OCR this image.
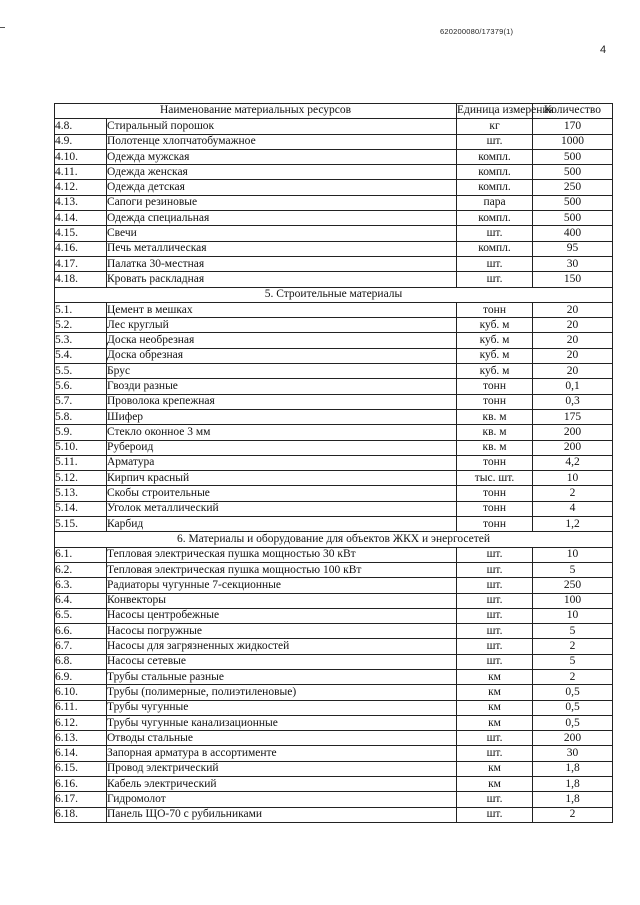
620200080/17379(1)
4
Наименование материальных ресурсов		Единица измерения	Количество
4.8.	Стиральный порошок	кг	170
4.9.	Полотенце хлопчатобумажное	шт.	1000
4.10.	Одежда мужская	компл.	500
4.11.	Одежда женская	компл.	500
4.12.	Одежда детская	компл.	250
4.13.	Сапоги резиновые	пара	500
4.14.	Одежда специальная	компл.	500
4.15.	Свечи	шт.	400
4.16.	Печь металлическая	компл.	95
4.17.	Палатка 30-местная	шт.	30
4.18.	Кровать раскладная	шт.	150
5. Строительные материалы			
5.1.	Цемент в мешках	тонн	20
5.2.	Лес круглый	куб. м	20
5.3.	Доска необрезная	куб. м	20
5.4.	Доска обрезная	куб. м	20
5.5.	Брус	куб. м	20
5.6.	Гвозди разные	тонн	0,1
5.7.	Проволока крепежная	тонн	0,3
5.8.	Шифер	кв. м	175
5.9.	Стекло оконное 3 мм	кв. м	200
5.10.	Рубероид	кв. м	200
5.11.	Арматура	тонн	4,2
5.12.	Кирпич красный	тыс. шт.	10
5.13.	Скобы строительные	тонн	2
5.14.	Уголок металлический	тонн	4
5.15.	Карбид	тонн	1,2
6. Материалы и оборудование для объектов ЖКХ и энергосетей			
6.1.	Тепловая электрическая пушка мощностью 30 кВт	шт.	10
6.2.	Тепловая электрическая пушка мощностью 100 кВт	шт.	5
6.3.	Радиаторы чугунные 7-секционные	шт.	250
6.4.	Конвекторы	шт.	100
6.5.	Насосы центробежные	шт.	10
6.6.	Насосы погружные	шт.	5
6.7.	Насосы для загрязненных жидкостей	шт.	2
6.8.	Насосы сетевые	шт.	5
6.9.	Трубы стальные разные	км	2
6.10.	Трубы (полимерные, полиэтиленовые)	км	0,5
6.11.	Трубы чугунные	км	0,5
6.12.	Трубы чугунные канализационные	км	0,5
6.13.	Отводы стальные	шт.	200
6.14.	Запорная арматура в ассортименте	шт.	30
6.15.	Провод электрический	км	1,8
6.16.	Кабель электрический	км	1,8
6.17.	Гидромолот	шт.	1,8
6.18.	Панель ЩО-70 с рубильниками	шт.	2
